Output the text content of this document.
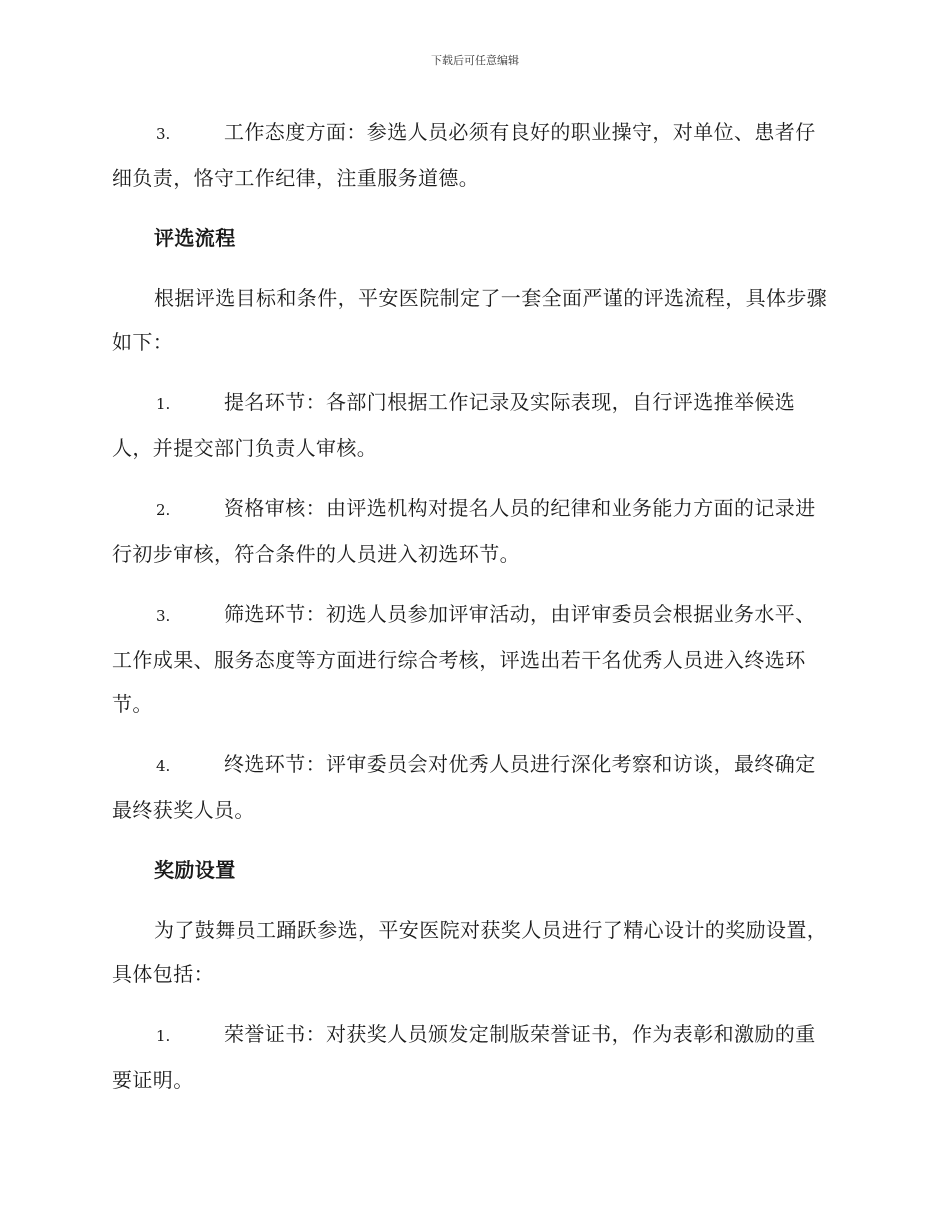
下载后可任意编辑

3.	工作态度方面：参选人员必须有良好的职业操守，对单位、患者仔细负责，恪守工作纪律，注重服务道德。

评选流程

根据评选目标和条件，平安医院制定了一套全面严谨的评选流程，具体步骤如下：

1.	提名环节：各部门根据工作记录及实际表现，自行评选推举候选人，并提交部门负责人审核。

2.	资格审核：由评选机构对提名人员的纪律和业务能力方面的记录进行初步审核，符合条件的人员进入初选环节。

3.	筛选环节：初选人员参加评审活动，由评审委员会根据业务水平、工作成果、服务态度等方面进行综合考核，评选出若干名优秀人员进入终选环节。

4.	终选环节：评审委员会对优秀人员进行深化考察和访谈，最终确定最终获奖人员。

奖励设置

为了鼓舞员工踊跃参选，平安医院对获奖人员进行了精心设计的奖励设置，具体包括：

1.	荣誉证书：对获奖人员颁发定制版荣誉证书，作为表彰和激励的重要证明。
